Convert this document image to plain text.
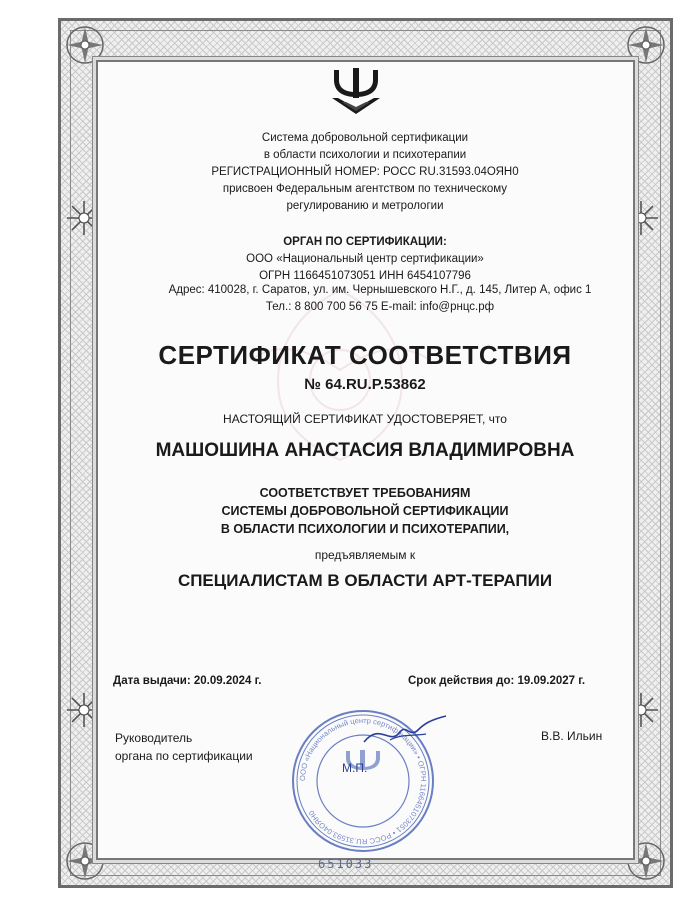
Система добровольной сертификации
в области психологии и психотерапии
РЕГИСТРАЦИОННЫЙ НОМЕР: РОСС RU.31593.04ОЯН0
присвоен Федеральным агентством по техническому
регулированию и метрологии
ОРГАН ПО СЕРТИФИКАЦИИ:
ООО «Национальный центр сертификации»
ОГРН 1166451073051 ИНН 6454107796
Адрес: 410028, г. Саратов, ул. им. Чернышевского Н.Г., д. 145, Литер А, офис 1
Тел.: 8 800 700 56 75 E-mail: info@рнцс.рф
СЕРТИФИКАТ СООТВЕТСТВИЯ
№ 64.RU.P.53862
НАСТОЯЩИЙ СЕРТИФИКАТ УДОСТОВЕРЯЕТ, что
МАШОШИНА АНАСТАСИЯ ВЛАДИМИРОВНА
СООТВЕТСТВУЕТ ТРЕБОВАНИЯМ
СИСТЕМЫ ДОБРОВОЛЬНОЙ СЕРТИФИКАЦИИ
В ОБЛАСТИ ПСИХОЛОГИИ И ПСИХОТЕРАПИИ,
предъявляемым к
СПЕЦИАЛИСТАМ В ОБЛАСТИ АРТ-ТЕРАПИИ
Дата выдачи: 20.09.2024 г.	Срок действия до: 19.09.2027 г.
Руководитель
органа по сертификации
В.В. Ильин
ООО «Национальный центр сертификации» • ОГРН 1166451073051 • РОСС RU.31593.04ОЯН0
М.П.
651033
